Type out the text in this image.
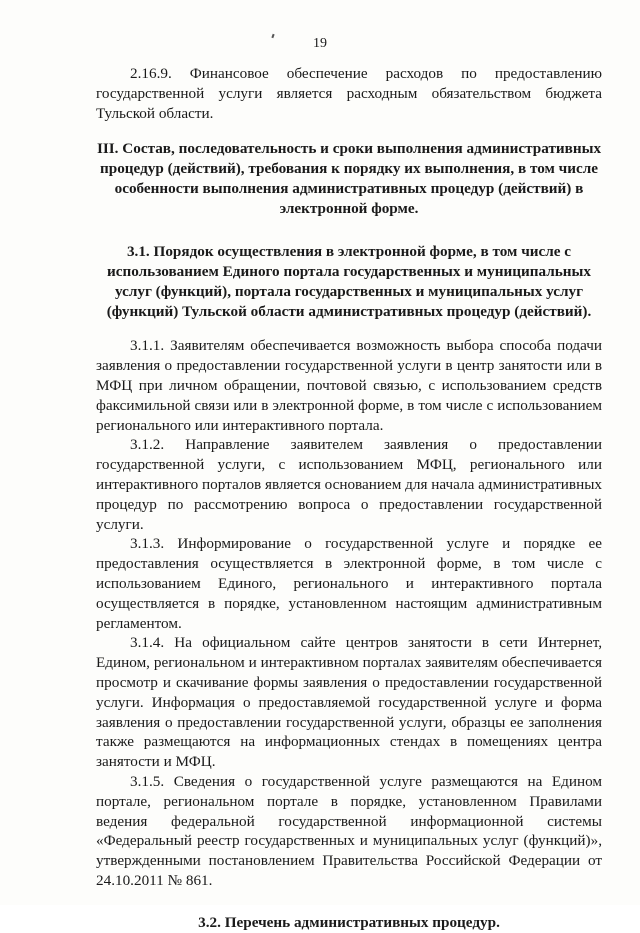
19

2.16.9. Финансовое обеспечение расходов по предоставлению государственной услуги является расходным обязательством бюджета Тульской области.

III. Состав, последовательность и сроки выполнения административных процедур (действий), требования к порядку их выполнения, в том числе особенности выполнения административных процедур (действий) в электронной форме.

3.1. Порядок осуществления в электронной форме, в том числе с использованием Единого портала государственных и муниципальных услуг (функций), портала государственных и муниципальных услуг (функций) Тульской области административных процедур (действий).

3.1.1. Заявителям обеспечивается возможность выбора способа подачи заявления о предоставлении государственной услуги в центр занятости или в МФЦ при личном обращении, почтовой связью, с использованием средств факсимильной связи или в электронной форме, в том числе с использованием регионального или интерактивного портала.

3.1.2. Направление заявителем заявления о предоставлении государственной услуги, с использованием МФЦ, регионального или интерактивного порталов является основанием для начала административных процедур по рассмотрению вопроса о предоставлении государственной услуги.

3.1.3. Информирование о государственной услуге и порядке ее предоставления осуществляется в электронной форме, в том числе с использованием Единого, регионального и интерактивного портала осуществляется в порядке, установленном настоящим административным регламентом.

3.1.4. На официальном сайте центров занятости в сети Интернет, Едином, региональном и интерактивном порталах заявителям обеспечивается просмотр и скачивание формы заявления о предоставлении государственной услуги. Информация о предоставляемой государственной услуге и форма заявления о предоставлении государственной услуги, образцы ее заполнения также размещаются на информационных стендах в помещениях центра занятости и МФЦ.

3.1.5. Сведения о государственной услуге размещаются на Едином портале, региональном портале в порядке, установленном Правилами ведения федеральной государственной информационной системы «Федеральный реестр государственных и муниципальных услуг (функций)», утвержденными постановлением Правительства Российской Федерации от 24.10.2011 № 861.

3.2. Перечень административных процедур.
